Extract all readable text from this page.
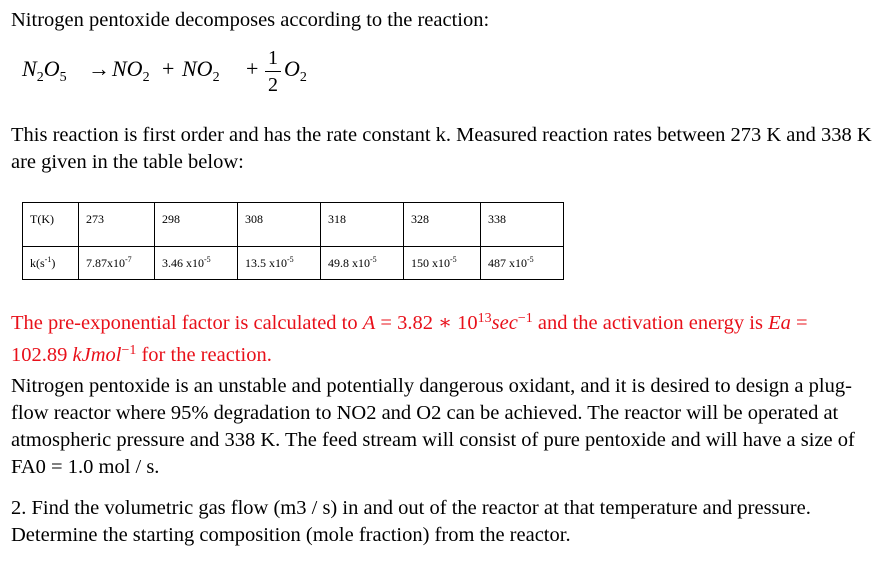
Nitrogen pentoxide decomposes according to the reaction:

$N_2O_5 \to NO_2 + NO_2 + 1$
2
$O_2$

This reaction is first order and has the rate constant k. Measured reaction rates between 273 K and 338 K are given in the table below:

T(K)	273	298	308	318	328	338
$k(s^{-1})$	$7.87x10^{-7}$	3.46 $x10^{-5}$	13.5 $x10^{-5}$	49.8 $x10^{-5}$	150 $x10^{-5}$	487 $x10^{-5}$

The pre-exponential factor is calculated to A = 3.82 ∗ $10^{13}\sec^{-1}$ and the activation energy is Ea =
102.89 kJmol$^{-1}$ for the reaction.

Nitrogen pentoxide is an unstable and potentially dangerous oxidant, and it is desired to design a plug-flow reactor where 95% degradation to NO2 and O2 can be achieved. The reactor will be operated at atmospheric pressure and 338 K. The feed stream will consist of pure pentoxide and will have a size of FA0 = 1.0 mol / s.

2. Find the volumetric gas flow (m3 / s) in and out of the reactor at that temperature and pressure. Determine the starting composition (mole fraction) from the reactor.
